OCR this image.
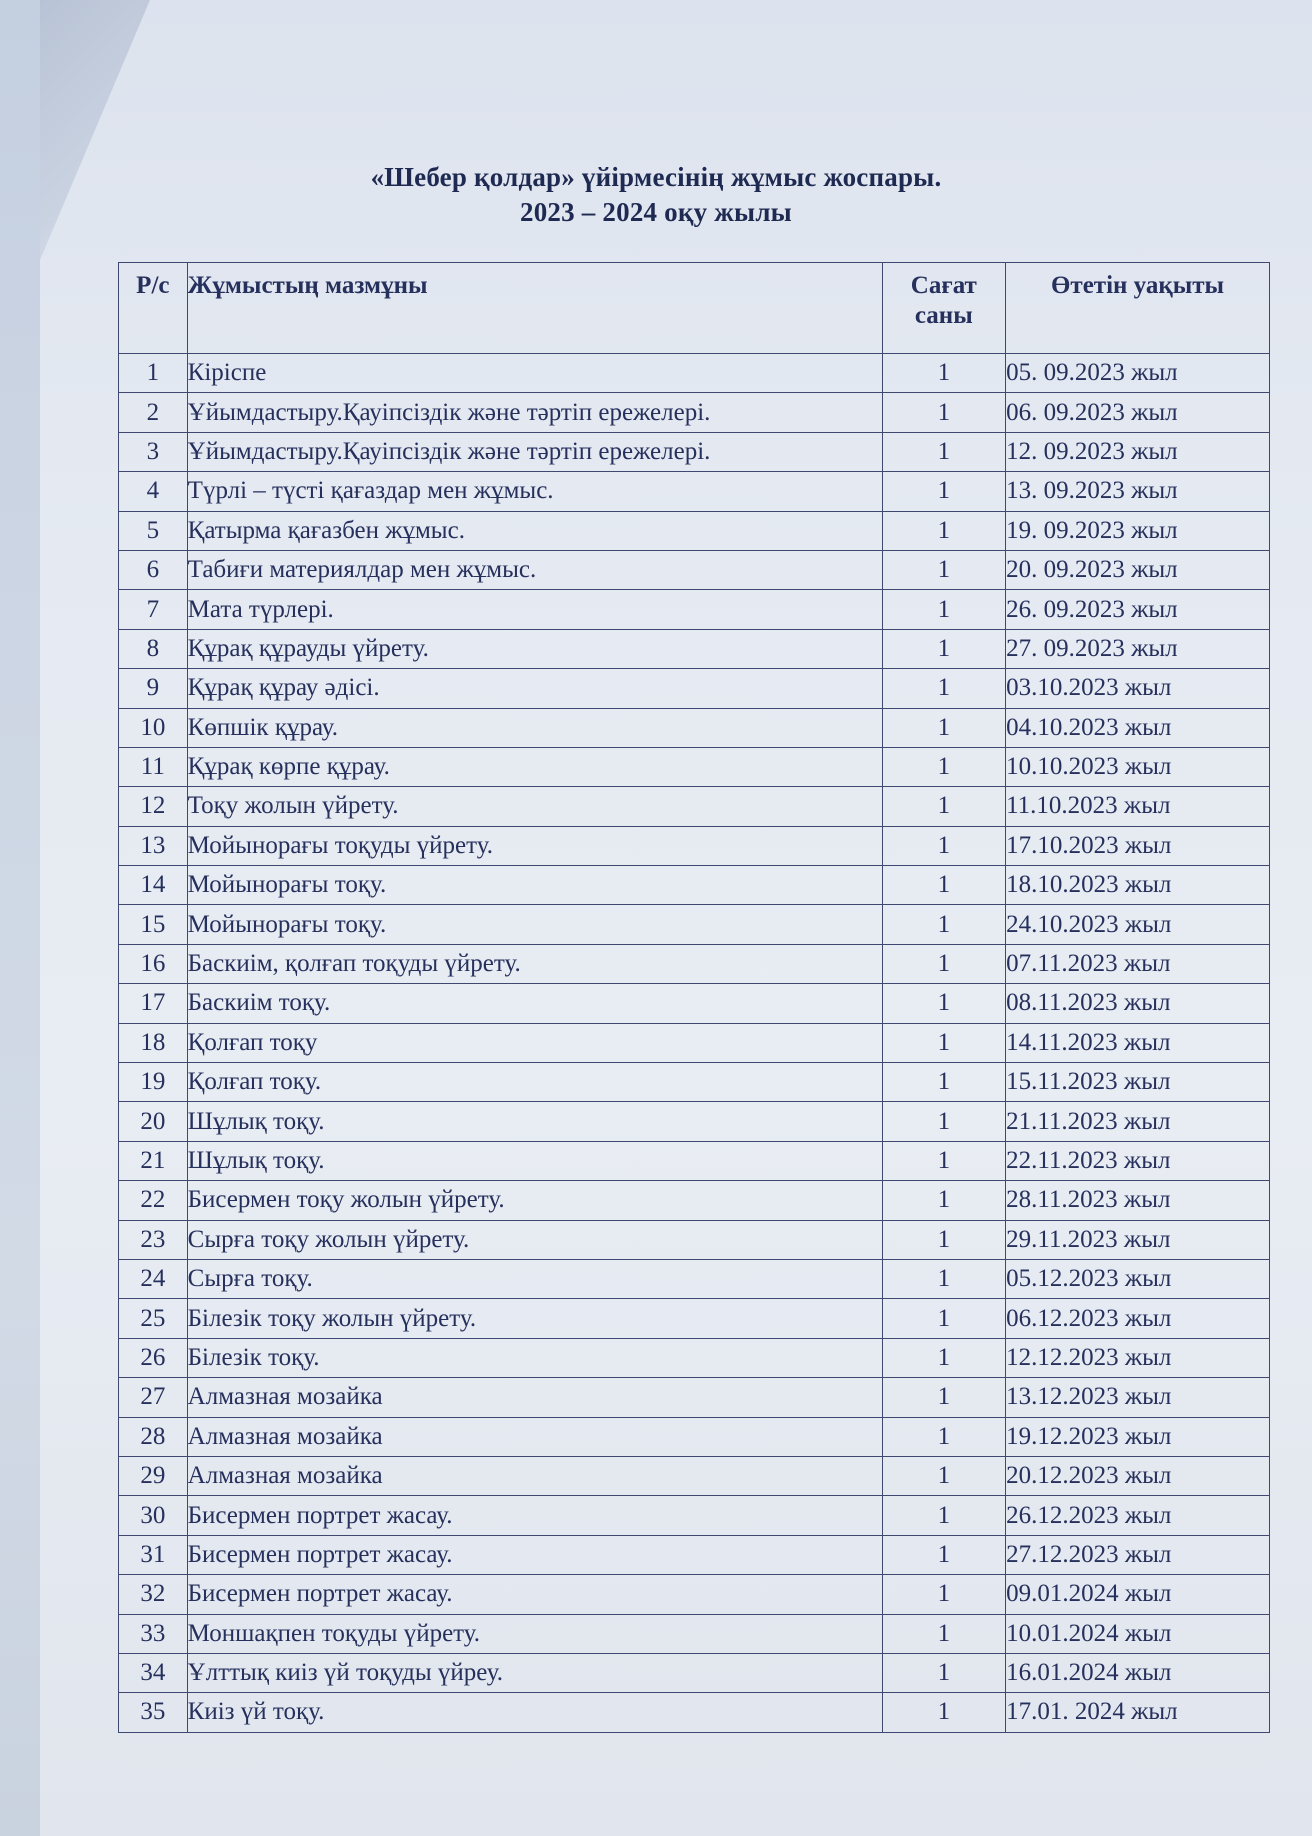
«Шебер қолдар» үйірмесінің жұмыс жоспары.
2023 – 2024 оқу жылы
Р/с	Жұмыстың мазмұны	Сағат саны	Өтетін уақыты
1	Кіріспе	1	05. 09.2023 жыл
2	Ұйымдастыру.Қауіпсіздік және тәртіп ережелері.	1	06. 09.2023 жыл
3	Ұйымдастыру.Қауіпсіздік және тәртіп ережелері.	1	12. 09.2023 жыл
4	Түрлі – түсті қағаздар мен жұмыс.	1	13. 09.2023 жыл
5	Қатырма қағазбен жұмыс.	1	19. 09.2023 жыл
6	Табиғи материялдар мен жұмыс.	1	20. 09.2023 жыл
7	Мата түрлері.	1	26. 09.2023 жыл
8	Құрақ құрауды үйрету.	1	27. 09.2023 жыл
9	Құрақ құрау әдісі.	1	03.10.2023 жыл
10	Көпшік құрау.	1	04.10.2023 жыл
11	Құрақ көрпе құрау.	1	10.10.2023 жыл
12	Тоқу жолын үйрету.	1	11.10.2023 жыл
13	Мойынорағы тоқуды үйрету.	1	17.10.2023 жыл
14	Мойынорағы тоқу.	1	18.10.2023 жыл
15	Мойынорағы тоқу.	1	24.10.2023 жыл
16	Баскиім, қолғап тоқуды үйрету.	1	07.11.2023 жыл
17	Баскиім тоқу.	1	08.11.2023 жыл
18	Қолғап тоқу	1	14.11.2023 жыл
19	Қолғап тоқу.	1	15.11.2023 жыл
20	Шұлық тоқу.	1	21.11.2023 жыл
21	Шұлық тоқу.	1	22.11.2023 жыл
22	Бисермен тоқу жолын үйрету.	1	28.11.2023 жыл
23	Сырға тоқу жолын үйрету.	1	29.11.2023 жыл
24	Сырға тоқу.	1	05.12.2023 жыл
25	Білезік тоқу жолын үйрету.	1	06.12.2023 жыл
26	Білезік тоқу.	1	12.12.2023 жыл
27	Алмазная мозайка	1	13.12.2023 жыл
28	Алмазная мозайка	1	19.12.2023 жыл
29	Алмазная мозайка	1	20.12.2023 жыл
30	Бисермен портрет жасау.	1	26.12.2023 жыл
31	Бисермен портрет жасау.	1	27.12.2023 жыл
32	Бисермен портрет жасау.	1	09.01.2024 жыл
33	Моншақпен тоқуды үйрету.	1	10.01.2024 жыл
34	Ұлттық киіз үй тоқуды үйреу.	1	16.01.2024 жыл
35	Киіз үй тоқу.	1	17.01. 2024 жыл
